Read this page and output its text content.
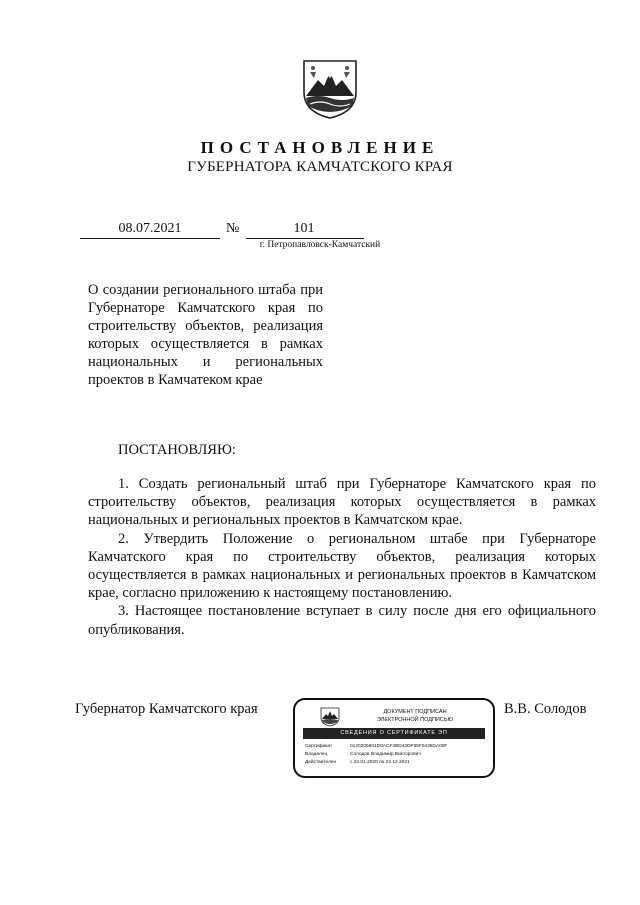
ПОСТАНОВЛЕНИЕ
ГУБЕРНАТОРА КАМЧАТСКОГО КРАЯ
08.07.2021	№	101
г. Петропавловск-Камчатский
О создании регионального штаба при Губернаторе Камчатского края по строительству объектов, реализация которых осуществляется в рамках национальных и региональных проектов в Камчатеком крае
ПОСТАНОВЛЯЮ:

1. Создать региональный штаб при Губернаторе Камчатского края по строительству объектов, реализация которых осуществляется в рамках национальных и региональных проектов в Камчатском крае.

2. Утвердить Положение о региональном штабе при Губернаторе Камчатского края по строительству объектов, реализация которых осуществляется в рамках национальных и региональных проектов в Камчатском крае, согласно приложению к настоящему постановлению.

3. Настоящее постановление вступает в силу после дня его официального опубликования.

Губернатор Камчатского края	В.В. Солодов
ДОКУМЕНТ ПОДПИСАН
ЭЛЕКТРОННОЙ ПОДПИСЬЮ
СВЕДЕНИЯ О СЕРТИФИКАТЕ ЭП
Сертификат	0120205601D0ACF4BD42DF85F0435DA00F
Владелец	Солодов Владимир Викторович
Действителен	с 22.01.2020 по 22.12.2021
